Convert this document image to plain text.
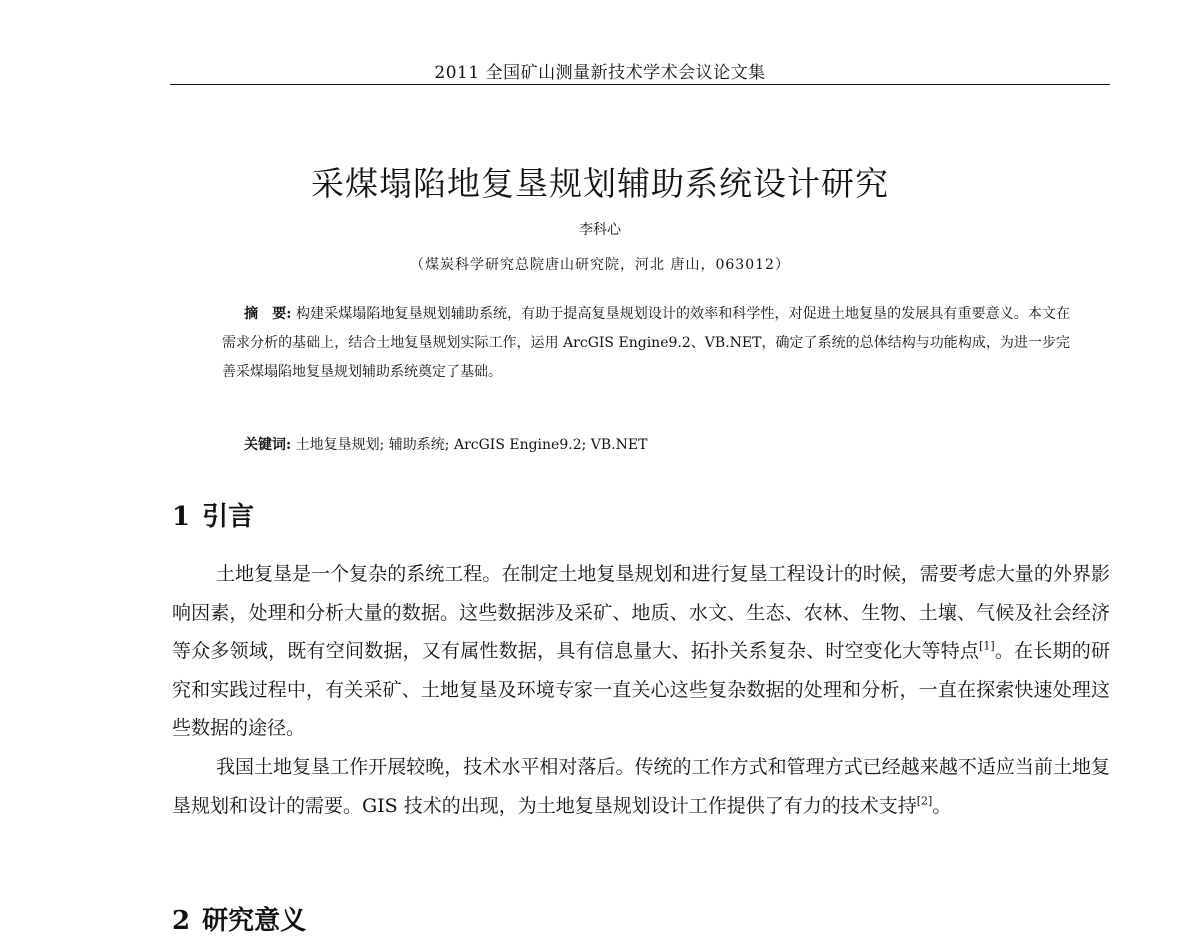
2011 全国矿山测量新技术学术会议论文集
采煤塌陷地复垦规划辅助系统设计研究
李科心
（煤炭科学研究总院唐山研究院，河北 唐山，063012）
摘　要: 构建采煤塌陷地复垦规划辅助系统，有助于提高复垦规划设计的效率和科学性，对促进土地复垦的发展具有重要意义。本文在需求分析的基础上，结合土地复垦规划实际工作，运用 ArcGIS Engine9.2、VB.NET，确定了系统的总体结构与功能构成，为进一步完善采煤塌陷地复垦规划辅助系统奠定了基础。
关键词: 土地复垦规划; 辅助系统; ArcGIS Engine9.2; VB.NET
1 引言
土地复垦是一个复杂的系统工程。在制定土地复垦规划和进行复垦工程设计的时候，需要考虑大量的外界影响因素，处理和分析大量的数据。这些数据涉及采矿、地质、水文、生态、农林、生物、土壤、气候及社会经济等众多领域，既有空间数据，又有属性数据，具有信息量大、拓扑关系复杂、时空变化大等特点[1]。在长期的研究和实践过程中，有关采矿、土地复垦及环境专家一直关心这些复杂数据的处理和分析，一直在探索快速处理这些数据的途径。
我国土地复垦工作开展较晚，技术水平相对落后。传统的工作方式和管理方式已经越来越不适应当前土地复垦规划和设计的需要。GIS 技术的出现，为土地复垦规划设计工作提供了有力的技术支持[2]。
2 研究意义
